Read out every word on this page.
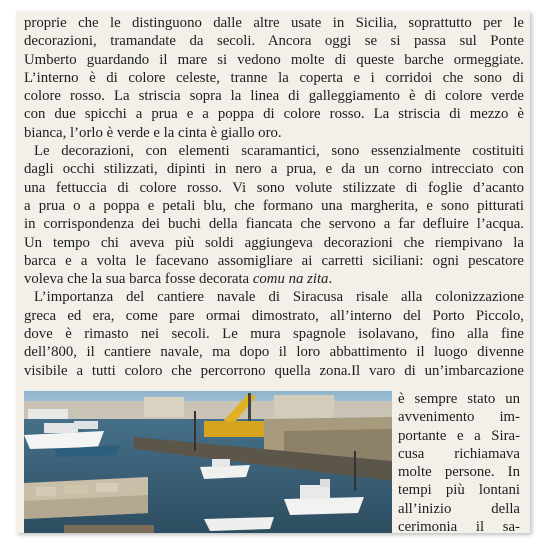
proprie che le distinguono dalle altre usate in Sicilia, soprattutto per le
decorazioni, tramandate da secoli. Ancora oggi se si passa sul Ponte
Umberto guardando il mare si vedono molte di queste barche ormeggiate.
L’interno è di colore celeste, tranne la coperta e i corridoi che sono di
colore rosso. La striscia sopra la linea di galleggiamento è di colore verde
con due spicchi a prua e a poppa di colore rosso. La striscia di mezzo è
bianca, l’orlo è verde e la cinta è giallo oro.
Le decorazioni, con elementi scaramantici, sono essenzialmente costituiti
dagli occhi stilizzati, dipinti in nero a prua, e da un corno intrecciato con
una fettuccia di colore rosso. Vi sono volute stilizzate di foglie d’acanto
a prua o a poppa e petali blu, che formano una margherita, e sono pitturati
in corrispondenza dei buchi della fiancata che servono a far defluire l’acqua.
Un tempo chi aveva più soldi aggiungeva decorazioni che riempivano la
barca e a volta le facevano assomigliare ai carretti siciliani: ogni pescatore
voleva che la sua barca fosse decorata comu na zita.
L’importanza del cantiere navale di Siracusa risale alla colonizzazione
greca ed era, come pare ormai dimostrato, all’interno del Porto Piccolo,
dove è rimasto nei secoli. Le mura spagnole isolavano, fino alla fine
dell’800, il cantiere navale, ma dopo il loro abbattimento il luogo divenne
visibile a tutti coloro che percorrono quella zona.Il varo di un’imbarcazione
è sempre stato un
avvenimento im-
portante e a Sira-
cusa richiamava
molte persone. In
tempi più lontani
all’inizio della
cerimonia il sa-
